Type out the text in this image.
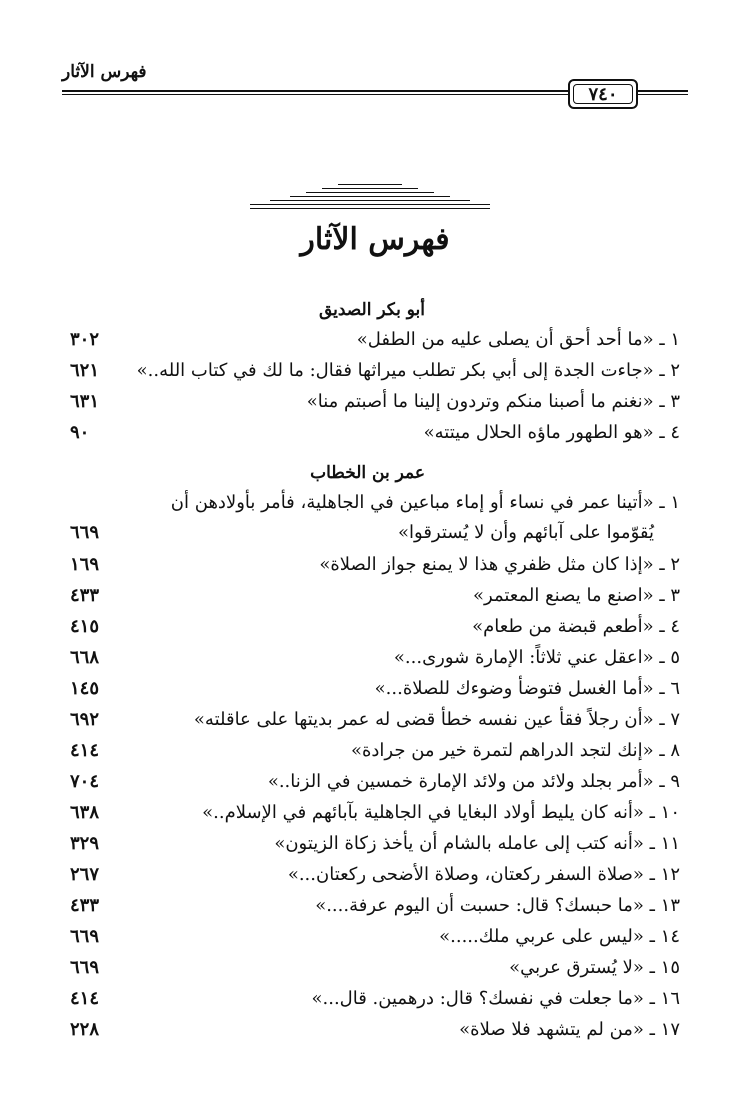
فهرس الآثار
٧٤٠
فهرس الآثار
أبو بكر الصديق
١ ـ «ما أحد أحق أن يصلى عليه من الطفل»
٣٠٢
٢ ـ «جاءت الجدة إلى أبي بكر تطلب ميراثها فقال: ما لك في كتاب الله..»
٦٢١
٣ ـ «نغنم ما أصبنا منكم وتردون إلينا ما أصبتم منا»
٦٣١
٤ ـ «هو الطهور ماؤه الحلال ميتته»
٩٠
عمر بن الخطاب
١ ـ «أتينا عمر في نساء أو إماء مباعين في الجاهلية، فأمر بأولادهن أن
يُقوّموا على آبائهم وأن لا يُسترقوا»
٦٦٩
٢ ـ «إذا كان مثل ظفري هذا لا يمنع جواز الصلاة»
١٦٩
٣ ـ «اصنع ما يصنع المعتمر»
٤٣٣
٤ ـ «أطعم قبضة من طعام»
٤١٥
٥ ـ «اعقل عني ثلاثاً: الإمارة شورى...»
٦٦٨
٦ ـ «أما الغسل فتوضأ وضوءك للصلاة...»
١٤٥
٧ ـ «أن رجلاً فقأ عين نفسه خطأ قضى له عمر بديتها على عاقلته»
٦٩٢
٨ ـ «إنك لتجد الدراهم لتمرة خير من جرادة»
٤١٤
٩ ـ «أمر بجلد ولائد من ولائد الإمارة خمسين في الزنا..»
٧٠٤
١٠ ـ «أنه كان يليط أولاد البغايا في الجاهلية بآبائهم في الإسلام..»
٦٣٨
١١ ـ «أنه كتب إلى عامله بالشام أن يأخذ زكاة الزيتون»
٣٢٩
١٢ ـ «صلاة السفر ركعتان، وصلاة الأضحى ركعتان...»
٢٦٧
١٣ ـ «ما حبسك؟ قال: حسبت أن اليوم عرفة....»
٤٣٣
١٤ ـ «ليس على عربي ملك.....»
٦٦٩
١٥ ـ «لا يُسترق عربي»
٦٦٩
١٦ ـ «ما جعلت في نفسك؟ قال: درهمين. قال...»
٤١٤
١٧ ـ «من لم يتشهد فلا صلاة»
٢٢٨
